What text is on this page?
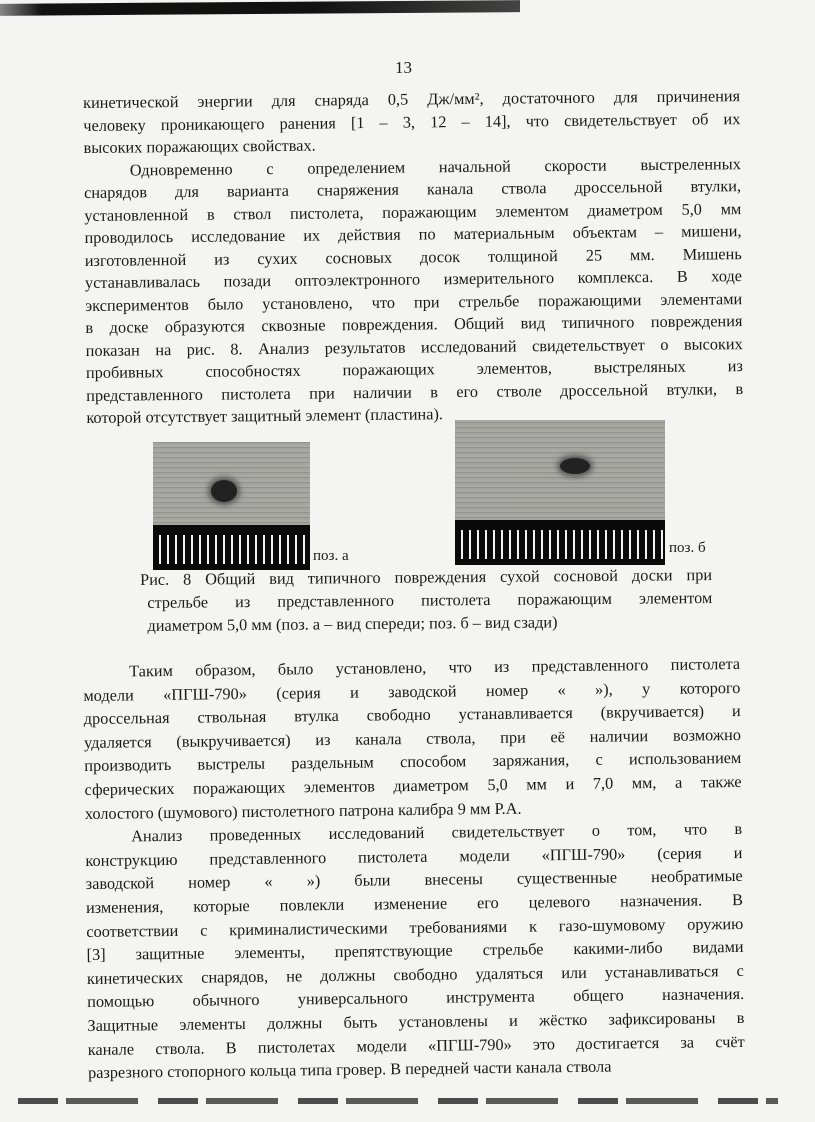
13
кинетической энергии для снаряда 0,5 Дж/мм², достаточного для причинения
человеку проникающего ранения [1 – 3, 12 – 14], что свидетельствует об их
высоких поражающих свойствах.
Одновременно с определением начальной скорости выстреленных
снарядов для варианта снаряжения канала ствола дроссельной втулки,
установленной в ствол пистолета, поражающим элементом диаметром 5,0 мм
проводилось исследование их действия по материальным объектам – мишени,
изготовленной из сухих сосновых досок толщиной 25 мм. Мишень
устанавливалась позади оптоэлектронного измерительного комплекса. В ходе
экспериментов было установлено, что при стрельбе поражающими элементами
в доске образуются сквозные повреждения. Общий вид типичного повреждения
показан на рис. 8. Анализ результатов исследований свидетельствует о высоких
пробивных способностях поражающих элементов, выстреляных из
представленного пистолета при наличии в его стволе дроссельной втулки, в
которой отсутствует защитный элемент (пластина).
поз. а	поз. б
Рис. 8 Общий вид типичного повреждения сухой сосновой доски при
стрельбе из представленного пистолета поражающим элементом
диаметром 5,0 мм (поз. а – вид спереди; поз. б – вид сзади)
Таким образом, было установлено, что из представленного пистолета
модели «ПГШ-790» (серия и заводской номер « »), у которого
дроссельная ствольная втулка свободно устанавливается (вкручивается) и
удаляется (выкручивается) из канала ствола, при её наличии возможно
производить выстрелы раздельным способом заряжания, с использованием
сферических поражающих элементов диаметром 5,0 мм и 7,0 мм, а также
холостого (шумового) пистолетного патрона калибра 9 мм Р.А.
Анализ проведенных исследований свидетельствует о том, что в
конструкцию представленного пистолета модели «ПГШ-790» (серия и
заводской номер « ») были внесены существенные необратимые
изменения, которые повлекли изменение его целевого назначения. В
соответствии с криминалистическими требованиями к газо-шумовому оружию
[3] защитные элементы, препятствующие стрельбе какими-либо видами
кинетических снарядов, не должны свободно удаляться или устанавливаться с
помощью обычного универсального инструмента общего назначения.
Защитные элементы должны быть установлены и жёстко зафиксированы в
канале ствола. В пистолетах модели «ПГШ-790» это достигается за счёт
разрезного стопорного кольца типа гровер. В передней части канала ствола
